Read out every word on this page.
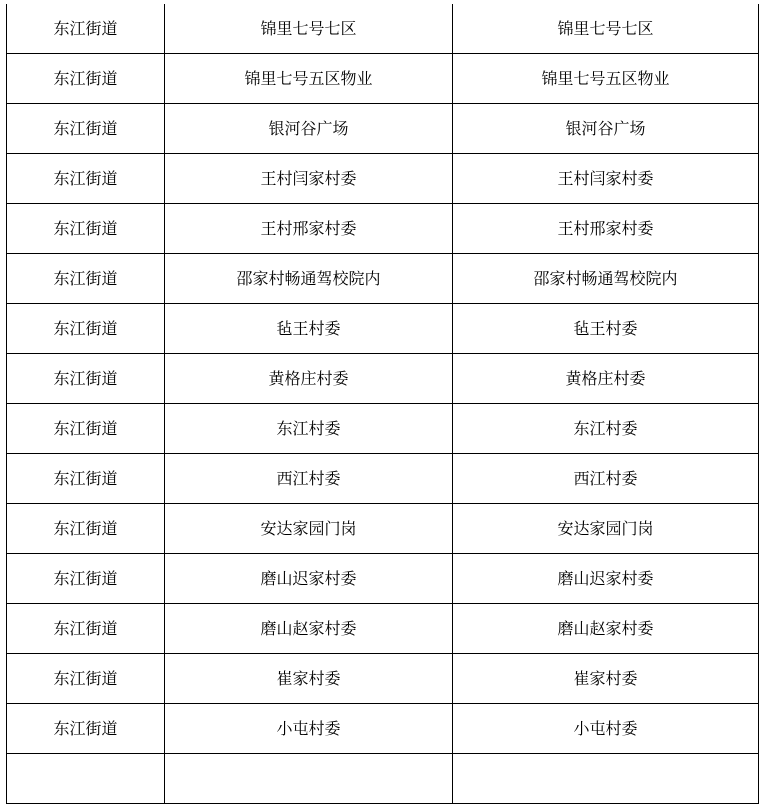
东江街道	锦里七号七区	锦里七号七区
东江街道	锦里七号五区物业	锦里七号五区物业
东江街道	银河谷广场	银河谷广场
东江街道	王村闫家村委	王村闫家村委
东江街道	王村邢家村委	王村邢家村委
东江街道	邵家村畅通驾校院内	邵家村畅通驾校院内
东江街道	毡王村委	毡王村委
东江街道	黄格庄村委	黄格庄村委
东江街道	东江村委	东江村委
东江街道	西江村委	西江村委
东江街道	安达家园门岗	安达家园门岗
东江街道	磨山迟家村委	磨山迟家村委
东江街道	磨山赵家村委	磨山赵家村委
东江街道	崔家村委	崔家村委
东江街道	小屯村委	小屯村委
